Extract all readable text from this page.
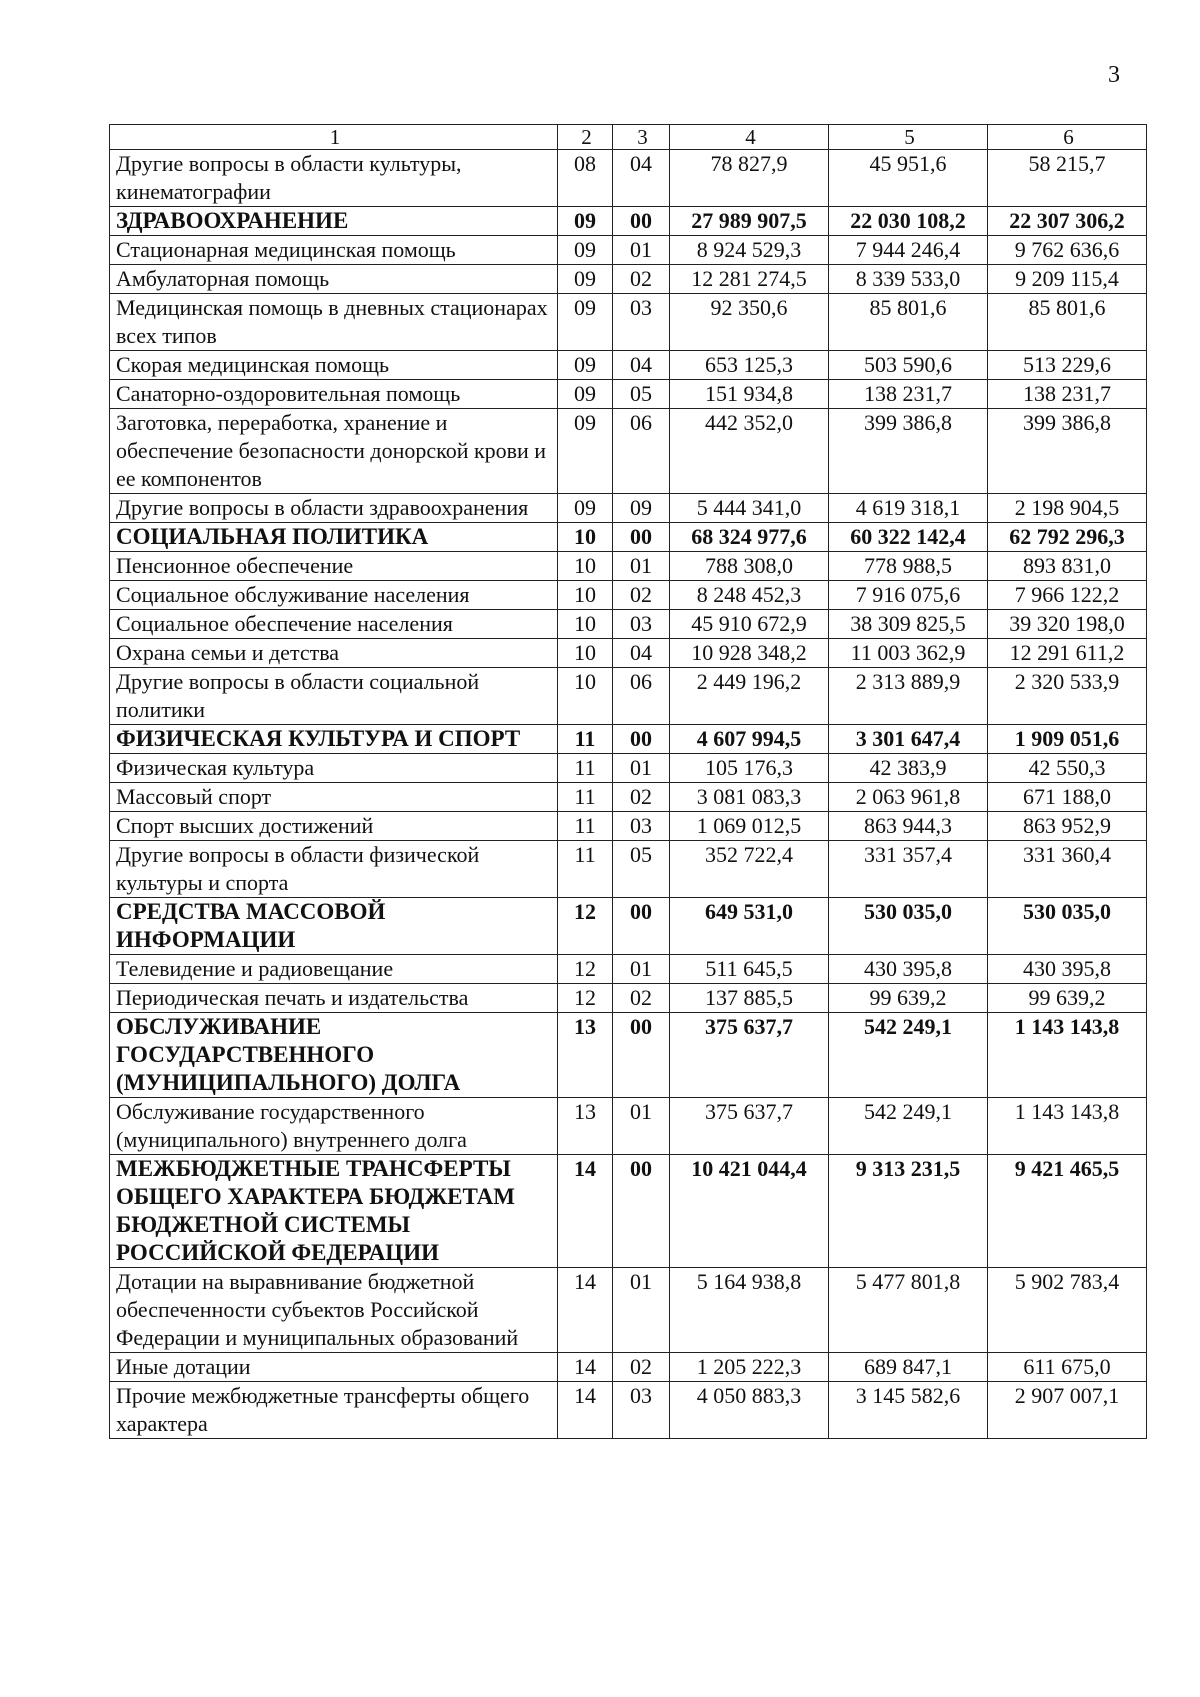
3
1	2	3	4	5	6
Другие вопросы в области культуры, кинематографии	08	04	78 827,9	45 951,6	58 215,7
ЗДРАВООХРАНЕНИЕ	09	00	27 989 907,5	22 030 108,2	22 307 306,2
Стационарная медицинская помощь	09	01	8 924 529,3	7 944 246,4	9 762 636,6
Амбулаторная помощь	09	02	12 281 274,5	8 339 533,0	9 209 115,4
Медицинская помощь в дневных стационарах всех типов	09	03	92 350,6	85 801,6	85 801,6
Скорая медицинская помощь	09	04	653 125,3	503 590,6	513 229,6
Санаторно-оздоровительная помощь	09	05	151 934,8	138 231,7	138 231,7
Заготовка, переработка, хранение и обеспечение безопасности донорской крови и ее компонентов	09	06	442 352,0	399 386,8	399 386,8
Другие вопросы в области здравоохранения	09	09	5 444 341,0	4 619 318,1	2 198 904,5
СОЦИАЛЬНАЯ ПОЛИТИКА	10	00	68 324 977,6	60 322 142,4	62 792 296,3
Пенсионное обеспечение	10	01	788 308,0	778 988,5	893 831,0
Социальное обслуживание населения	10	02	8 248 452,3	7 916 075,6	7 966 122,2
Социальное обеспечение населения	10	03	45 910 672,9	38 309 825,5	39 320 198,0
Охрана семьи и детства	10	04	10 928 348,2	11 003 362,9	12 291 611,2
Другие вопросы в области социальной политики	10	06	2 449 196,2	2 313 889,9	2 320 533,9
ФИЗИЧЕСКАЯ КУЛЬТУРА И СПОРТ	11	00	4 607 994,5	3 301 647,4	1 909 051,6
Физическая культура	11	01	105 176,3	42 383,9	42 550,3
Массовый спорт	11	02	3 081 083,3	2 063 961,8	671 188,0
Спорт высших достижений	11	03	1 069 012,5	863 944,3	863 952,9
Другие вопросы в области физической культуры и спорта	11	05	352 722,4	331 357,4	331 360,4
СРЕДСТВА МАССОВОЙ ИНФОРМАЦИИ	12	00	649 531,0	530 035,0	530 035,0
Телевидение и радиовещание	12	01	511 645,5	430 395,8	430 395,8
Периодическая печать и издательства	12	02	137 885,5	99 639,2	99 639,2
ОБСЛУЖИВАНИЕ ГОСУДАРСТВЕННОГО (МУНИЦИПАЛЬНОГО) ДОЛГА	13	00	375 637,7	542 249,1	1 143 143,8
Обслуживание государственного (муниципального) внутреннего долга	13	01	375 637,7	542 249,1	1 143 143,8
МЕЖБЮДЖЕТНЫЕ ТРАНСФЕРТЫ ОБЩЕГО ХАРАКТЕРА БЮДЖЕТАМ БЮДЖЕТНОЙ СИСТЕМЫ РОССИЙСКОЙ ФЕДЕРАЦИИ	14	00	10 421 044,4	9 313 231,5	9 421 465,5
Дотации на выравнивание бюджетной обеспеченности субъектов Российской Федерации и муниципальных образований	14	01	5 164 938,8	5 477 801,8	5 902 783,4
Иные дотации	14	02	1 205 222,3	689 847,1	611 675,0
Прочие межбюджетные трансферты общего характера	14	03	4 050 883,3	3 145 582,6	2 907 007,1
